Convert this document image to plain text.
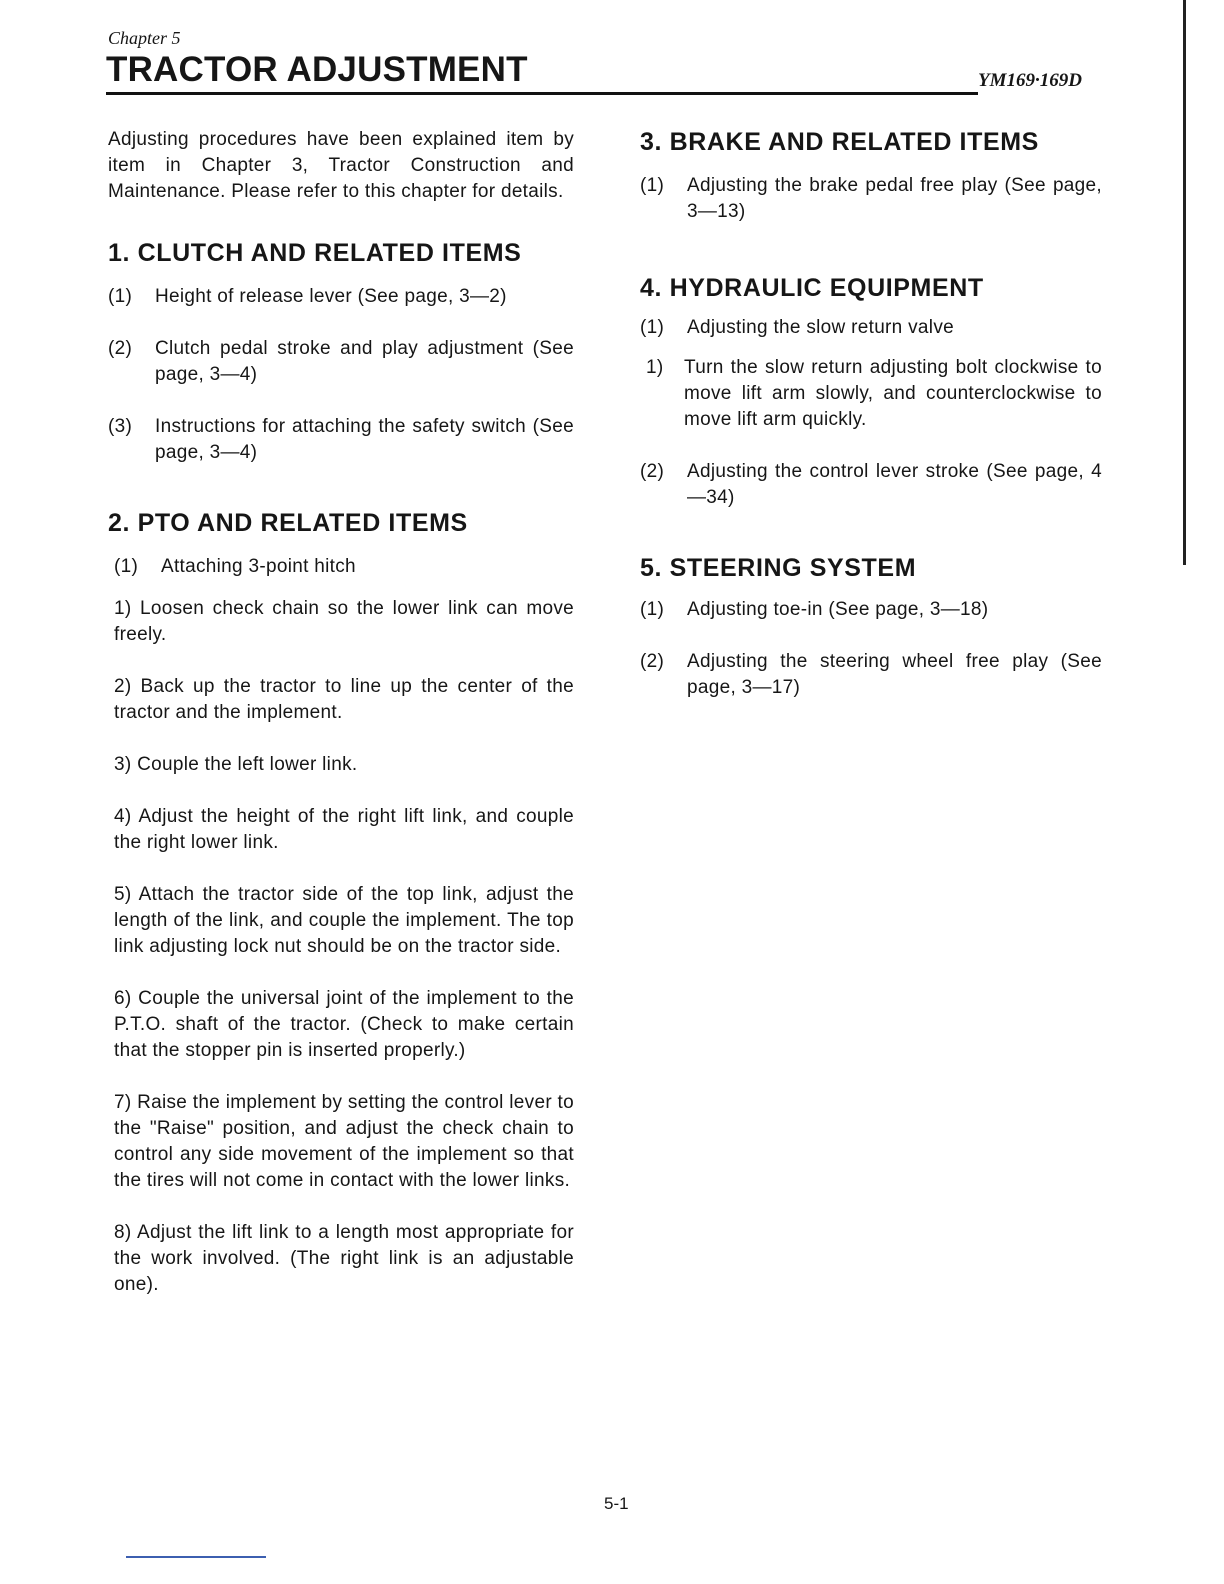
Chapter 5
TRACTOR ADJUSTMENT	YM169·169D

Adjusting procedures have been explained item by item in Chapter 3, Tractor Construction and Maintenance. Please refer to this chapter for details.

1. CLUTCH AND RELATED ITEMS
(1)	Height of release lever (See page, 3—2)
(2)	Clutch pedal stroke and play adjustment (See page, 3—4)
(3)	Instructions for attaching the safety switch (See page, 3—4)
2. PTO AND RELATED ITEMS
(1)	Attaching 3-point hitch
1) Loosen check chain so the lower link can move freely.
2) Back up the tractor to line up the center of the tractor and the implement.
3) Couple the left lower link.
4) Adjust the height of the right lift link, and couple the right lower link.
5) Attach the tractor side of the top link, adjust the length of the link, and couple the implement. The top link adjusting lock nut should be on the tractor side.
6) Couple the universal joint of the implement to the P.T.O. shaft of the tractor. (Check to make certain that the stopper pin is inserted properly.)
7) Raise the implement by setting the control lever to the "Raise" position, and adjust the check chain to control any side movement of the implement so that the tires will not come in contact with the lower links.
8) Adjust the lift link to a length most appropriate for the work involved. (The right link is an adjustable one).
3. BRAKE AND RELATED ITEMS
(1)	Adjusting the brake pedal free play (See page, 3—13)
4. HYDRAULIC EQUIPMENT
(1)	Adjusting the slow return valve
1)	Turn the slow return adjusting bolt clockwise to move lift arm slowly, and counterclockwise to move lift arm quickly.
(2)	Adjusting the control lever stroke (See page, 4—34)
5. STEERING SYSTEM
(1)	Adjusting toe-in (See page, 3—18)
(2)	Adjusting the steering wheel free play (See page, 3—17)
5-1
